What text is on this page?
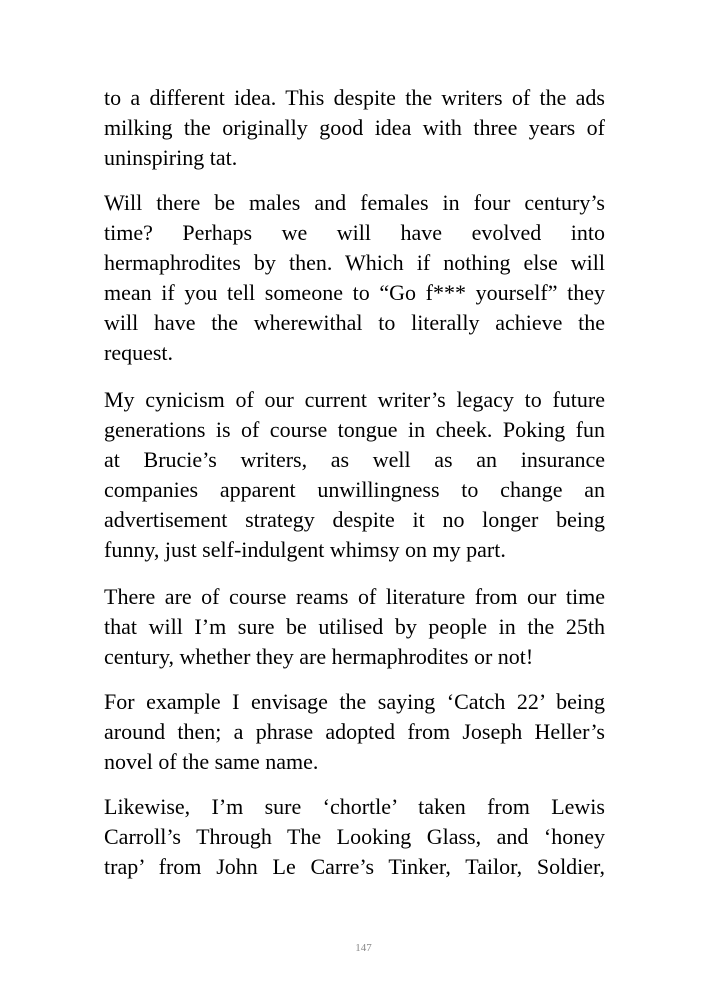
to a different idea. This despite the writers of the ads
milking the originally good idea with three years of
uninspiring tat.
Will there be males and females in four century’s
time? Perhaps we will have evolved into
hermaphrodites by then. Which if nothing else will
mean if you tell someone to “Go f*** yourself” they
will have the wherewithal to literally achieve the
request.
My cynicism of our current writer’s legacy to future
generations is of course tongue in cheek. Poking fun
at Brucie’s writers, as well as an insurance
companies apparent unwillingness to change an
advertisement strategy despite it no longer being
funny, just self-indulgent whimsy on my part.
There are of course reams of literature from our time
that will I’m sure be utilised by people in the 25th
century, whether they are hermaphrodites or not!
For example I envisage the saying ‘Catch 22’ being
around then; a phrase adopted from Joseph Heller’s
novel of the same name.
Likewise, I’m sure ‘chortle’ taken from Lewis
Carroll’s Through The Looking Glass, and ‘honey
trap’ from John Le Carre’s Tinker, Tailor, Soldier,
147
